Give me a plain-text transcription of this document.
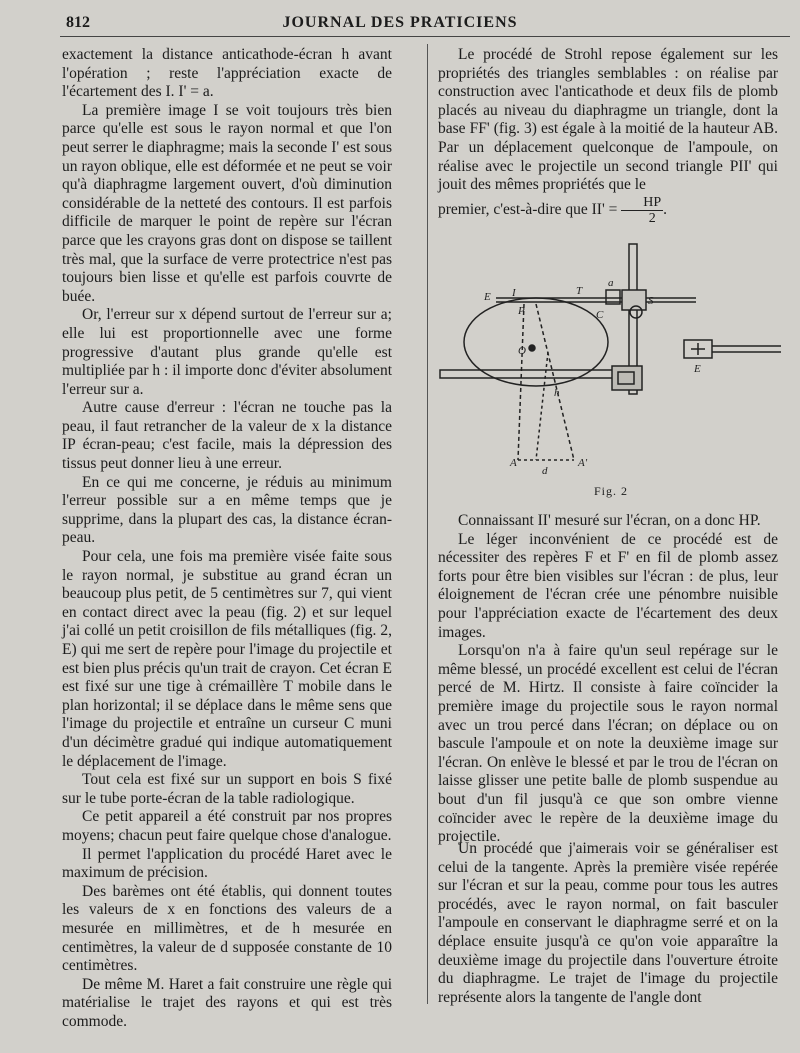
812	JOURNAL DES PRATICIENS

exactement la distance anticathode-écran h avant l'opération ; reste l'appréciation exacte de l'écartement des I. I' = a.

La première image I se voit toujours très bien parce qu'elle est sous le rayon normal et que l'on peut serrer le diaphragme; mais la seconde I' est sous un rayon oblique, elle est déformée et ne peut se voir qu'à diaphragme largement ouvert, d'où diminution considérable de la netteté des contours. Il est parfois difficile de marquer le point de repère sur l'écran parce que les crayons gras dont on dispose se taillent très mal, que la surface de verre protectrice n'est pas toujours bien lisse et qu'elle est parfois couvrte de buée.

Or, l'erreur sur x dépend surtout de l'erreur sur a; elle lui est proportionnelle avec une forme progressive d'autant plus grande qu'elle est multipliée par h : il importe donc d'éviter absolument l'erreur sur a.

Autre cause d'erreur : l'écran ne touche pas la peau, il faut retrancher de la valeur de x la distance IP écran-peau; c'est facile, mais la dépression des tissus peut donner lieu à une erreur.

En ce qui me concerne, je réduis au minimum l'erreur possible sur a en même temps que je supprime, dans la plupart des cas, la distance écran-peau.

Pour cela, une fois ma première visée faite sous le rayon normal, je substitue au grand écran un beaucoup plus petit, de 5 centimètres sur 7, qui vient en contact direct avec la peau (fig. 2) et sur lequel j'ai collé un petit croisillon de fils métalliques (fig. 2, E) qui me sert de repère pour l'image du projectile et est bien plus précis qu'un trait de crayon. Cet écran E est fixé sur une tige à crémaillère T mobile dans le plan horizontal; il se déplace dans le même sens que l'image du projectile et entraîne un curseur C muni d'un décimètre gradué qui indique automatiquement le déplacement de l'image.

Tout cela est fixé sur un support en bois S fixé sur le tube porte-écran de la table radiologique.

Ce petit appareil a été construit par nos propres moyens; chacun peut faire quelque chose d'analogue.

Il permet l'application du procédé Haret avec le maximum de précision.

Des barèmes ont été établis, qui donnent toutes les valeurs de x en fonctions des valeurs de a mesurée en millimètres, et de h mesurée en centimètres, la valeur de d supposée constante de 10 centimètres.

De même M. Haret a fait construire une règle qui matérialise le trajet des rayons et qui est très commode.

Le procédé de Strohl repose également sur les propriétés des triangles semblables : on réalise par construction avec l'anticathode et deux fils de plomb placés au niveau du diaphragme un triangle, dont la base FF' (fig. 3) est égale à la moitié de la hauteur AB. Par un déplacement quelconque de l'ampoule, on réalise avec le projectile un second triangle PII' qui jouit des mêmes propriétés que le
premier, c'est-à-dire que $II' = \frac{HP}{2}$ .

E	T
a
S
C
I
P
O
h
A
d
A'
E
Fig. 2

Connaissant II' mesuré sur l'écran, on a donc HP.

Le léger inconvénient de ce procédé est de nécessiter des repères F et F' en fil de plomb assez forts pour être bien visibles sur l'écran : de plus, leur éloignement de l'écran crée une pénombre nuisible pour l'appréciation exacte de l'écartement des deux images.

Lorsqu'on n'a à faire qu'un seul repérage sur le même blessé, un procédé excellent est celui de l'écran percé de M. Hirtz. Il consiste à faire coïncider la première image du projectile sous le rayon normal avec un trou percé dans l'écran; on déplace ou on bascule l'ampoule et on note la deuxième image sur l'écran. On enlève le blessé et par le trou de l'écran on laisse glisser une petite balle de plomb suspendue au bout d'un fil jusqu'à ce que son ombre vienne coïncider avec le repère de la deuxième image du projectile.

Un procédé que j'aimerais voir se généraliser est celui de la tangente. Après la première visée repérée sur l'écran et sur la peau, comme pour tous les autres procédés, avec le rayon normal, on fait basculer l'ampoule en conservant le diaphragme serré et on la déplace ensuite jusqu'à ce qu'on voie apparaître la deuxième image du projectile dans l'ouverture étroite du diaphragme. Le trajet de l'image du projectile représente alors la tangente de l'angle dont
